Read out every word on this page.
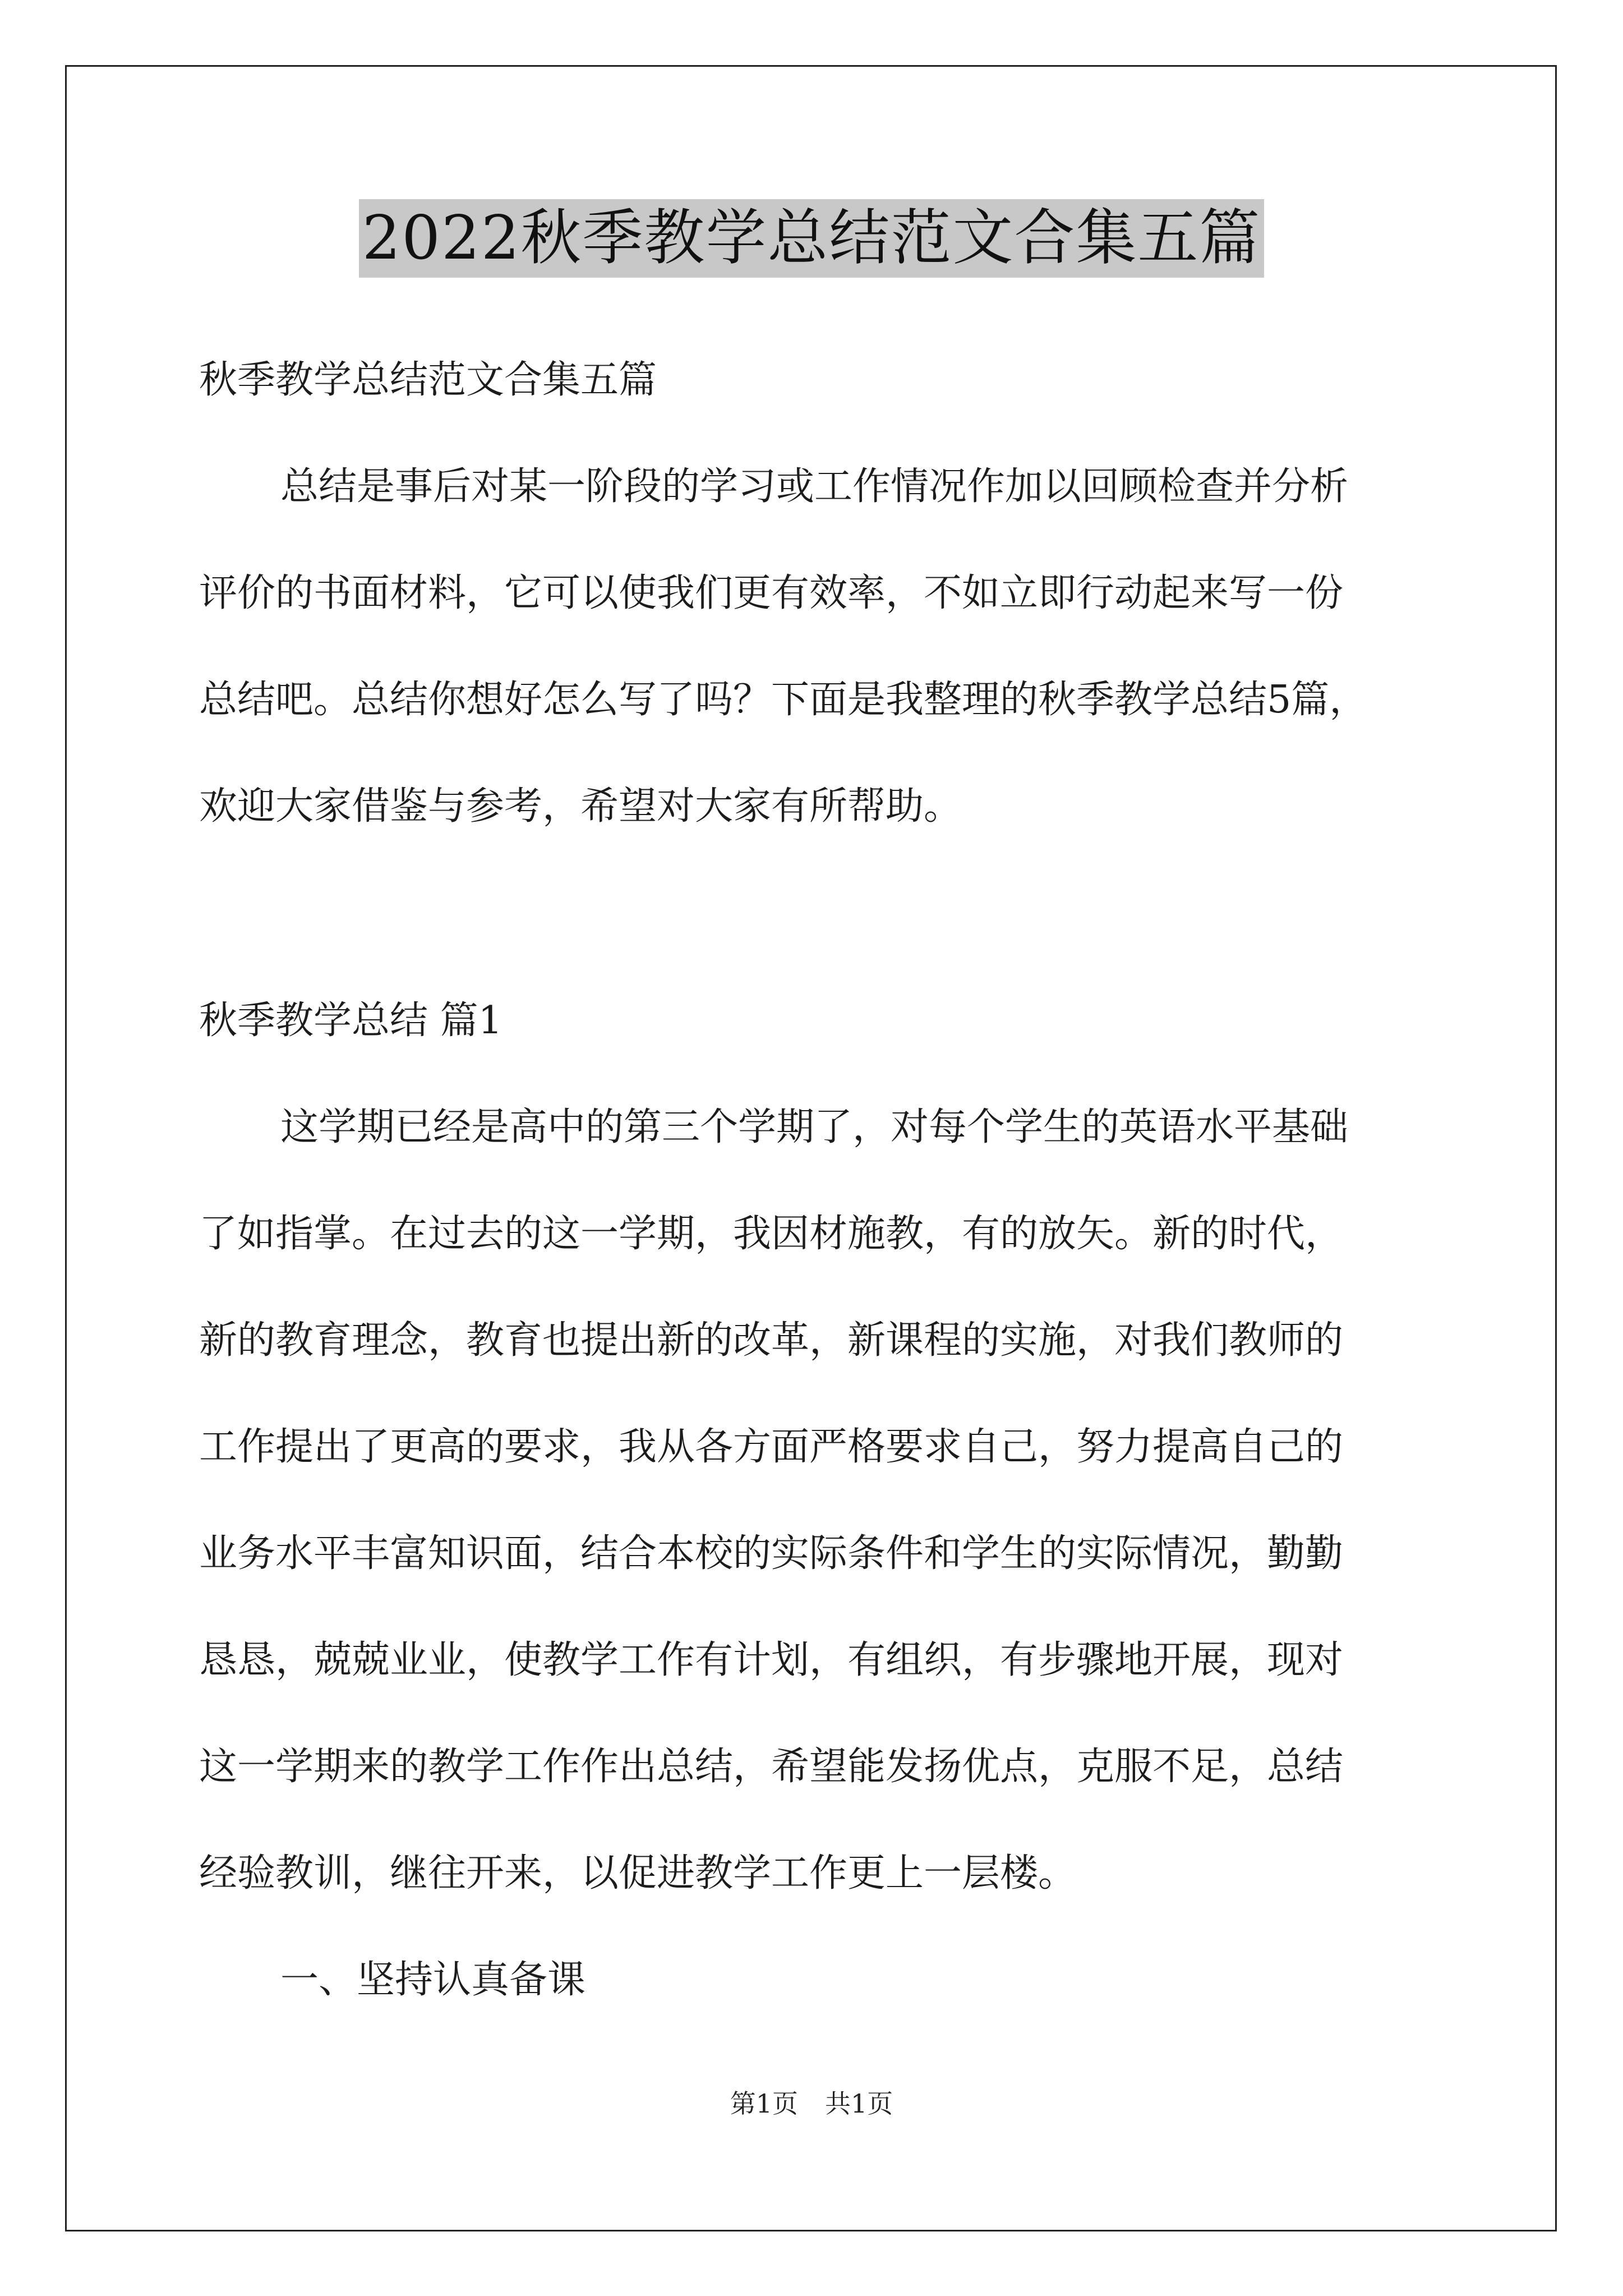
2022秋季教学总结范文合集五篇
秋季教学总结范文合集五篇
总结是事后对某一阶段的学习或工作情况作加以回顾检查并分析
评价的书面材料，它可以使我们更有效率，不如立即行动起来写一份
总结吧。总结你想好怎么写了吗？下面是我整理的秋季教学总结5篇，
欢迎大家借鉴与参考，希望对大家有所帮助。
秋季教学总结 篇1
这学期已经是高中的第三个学期了，对每个学生的英语水平基础
了如指掌。在过去的这一学期，我因材施教，有的放矢。新的时代，
新的教育理念，教育也提出新的改革，新课程的实施，对我们教师的
工作提出了更高的要求，我从各方面严格要求自己，努力提高自己的
业务水平丰富知识面，结合本校的实际条件和学生的实际情况，勤勤
恳恳，兢兢业业，使教学工作有计划，有组织，有步骤地开展，现对
这一学期来的教学工作作出总结，希望能发扬优点，克服不足，总结
经验教训，继往开来，以促进教学工作更上一层楼。
一、坚持认真备课
第1页 共1页
